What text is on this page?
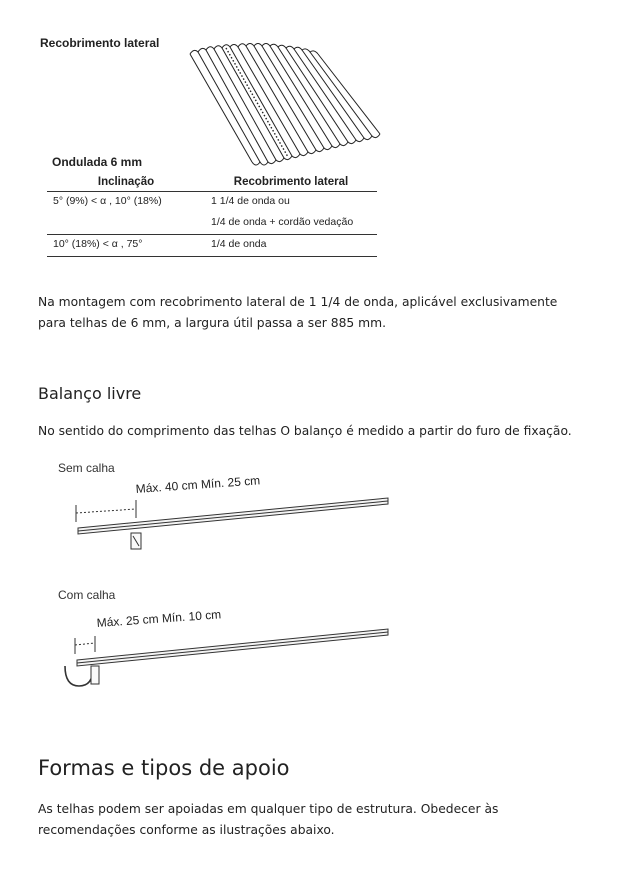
Recobrimento lateral
Ondulada 6 mm
Inclinação	Recobrimento lateral
5° (9%) < α , 10° (18%)	1 1/4 de onda ou
	1/4 de onda + cordão vedação
10° (18%) < α , 75°	1/4 de onda
Na montagem com recobrimento lateral de 1 1/4 de onda, aplicável exclusivamente para telhas de 6 mm, a largura útil passa a ser 885 mm.
Balanço livre
No sentido do comprimento das telhas O balanço é medido a partir do furo de fixação.
Sem calha
Máx. 40 cm Mín. 25 cm
Com calha
Máx. 25 cm Mín. 10 cm
Formas e tipos de apoio
As telhas podem ser apoiadas em qualquer tipo de estrutura. Obedecer às recomendações conforme as ilustrações abaixo.
